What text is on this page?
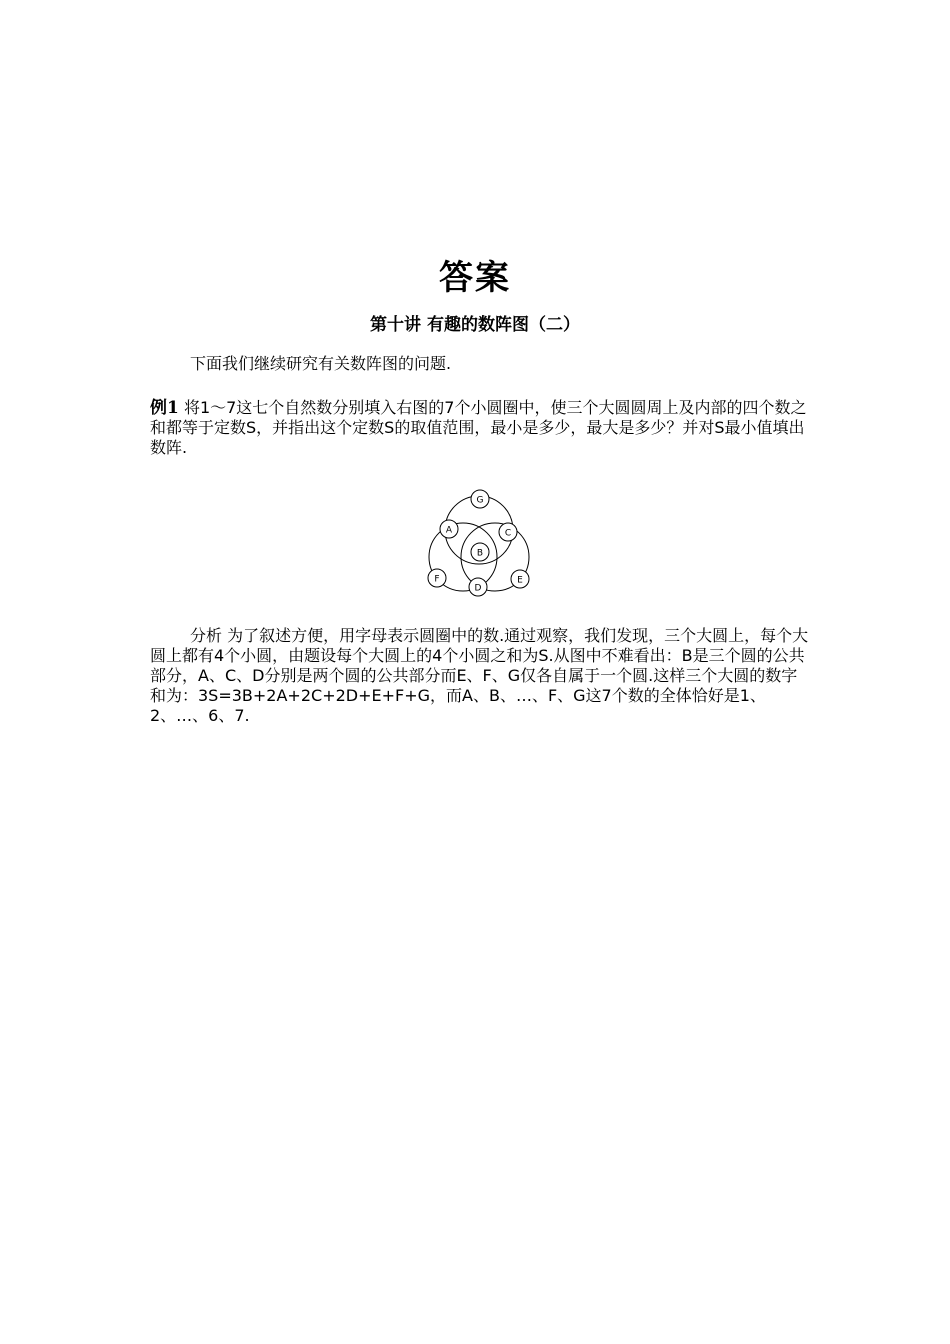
答案
第十讲 有趣的数阵图（二）
下面我们继续研究有关数阵图的问题.
例1 将1～7这七个自然数分别填入右图的7个小圆圈中，使三个大圆圆周上及内部的四个数之和都等于定数S，并指出这个定数S的取值范围，最小是多少，最大是多少？并对S最小值填出数阵.
G
A	C
B
F
D
E
分析 为了叙述方便，用字母表示圆圈中的数.通过观察，我们发现，三个大圆上，每个大圆上都有4个小圆，由题设每个大圆上的4个小圆之和为S.从图中不难看出：B是三个圆的公共部分，A、C、D分别是两个圆的公共部分而E、F、G仅各自属于一个圆.这样三个大圆的数字和为：3S=3B+2A+2C+2D+E+F+G，而A、B、…、F、G这7个数的全体恰好是1、2、…、6、7.
